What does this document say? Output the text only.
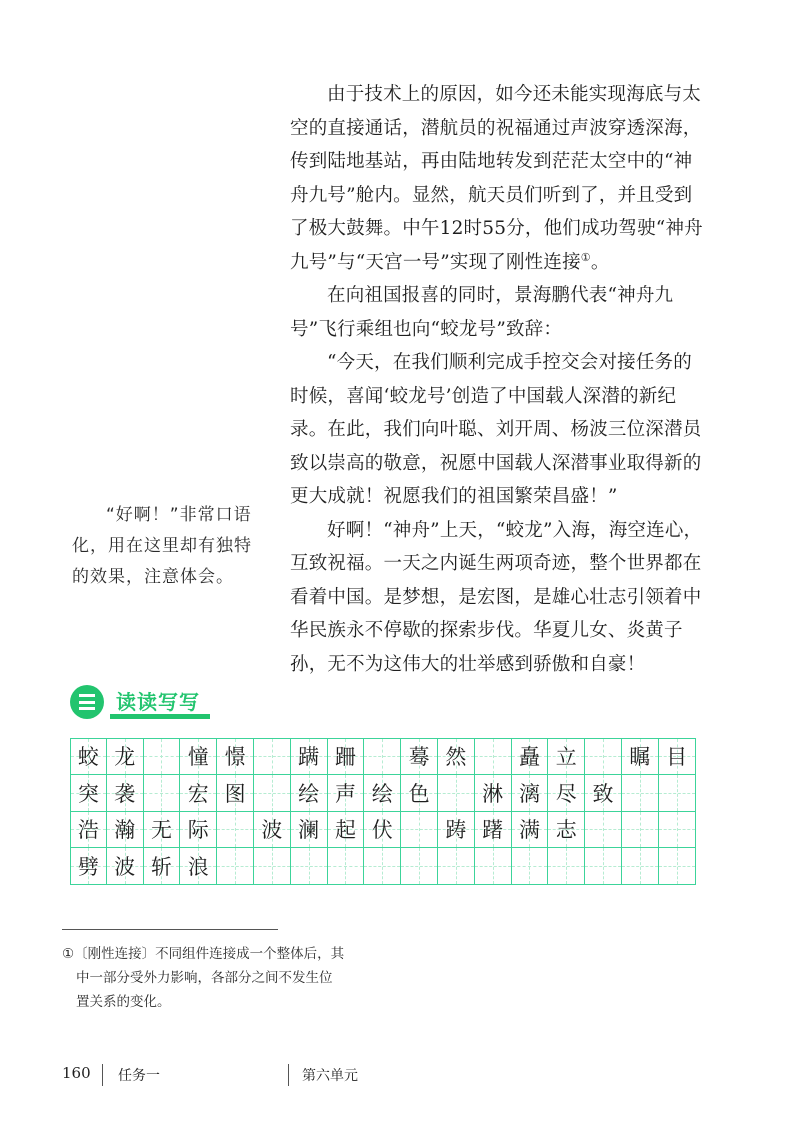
由于技术上的原因，如今还未能实现海底与太空的直接通话，潜航员的祝福通过声波穿透深海，传到陆地基站，再由陆地转发到茫茫太空中的“神舟九号”舱内。显然，航天员们听到了，并且受到了极大鼓舞。中午12时55分，他们成功驾驶“神舟九号”与“天宫一号”实现了刚性连接①。

在向祖国报喜的同时，景海鹏代表“神舟九号”飞行乘组也向“蛟龙号”致辞：

“今天，在我们顺利完成手控交会对接任务的时候，喜闻‘蛟龙号’创造了中国载人深潜的新纪录。在此，我们向叶聪、刘开周、杨波三位深潜员致以崇高的敬意，祝愿中国载人深潜事业取得新的更大成就！祝愿我们的祖国繁荣昌盛！”

好啊！“神舟”上天，“蛟龙”入海，海空连心，互致祝福。一天之内诞生两项奇迹，整个世界都在看着中国。是梦想，是宏图，是雄心壮志引领着中华民族永不停歇的探索步伐。华夏儿女、炎黄子孙，无不为这伟大的壮举感到骄傲和自豪！

“好啊！”非常口语化，用在这里却有独特的效果，注意体会。
读读写写
蛟 龙	憧 憬	蹒 跚	蓦 然	矗 立	瞩 目
突 袭	宏 图	绘 声 绘 色	淋 漓 尽 致
浩 瀚 无 际	波 澜 起 伏	踌 躇 满 志
劈 波 斩 浪
①〔刚性连接〕不同组件连接成一个整体后，其
中一部分受外力影响，各部分之间不发生位
置关系的变化。
160 任务一	第六单元
